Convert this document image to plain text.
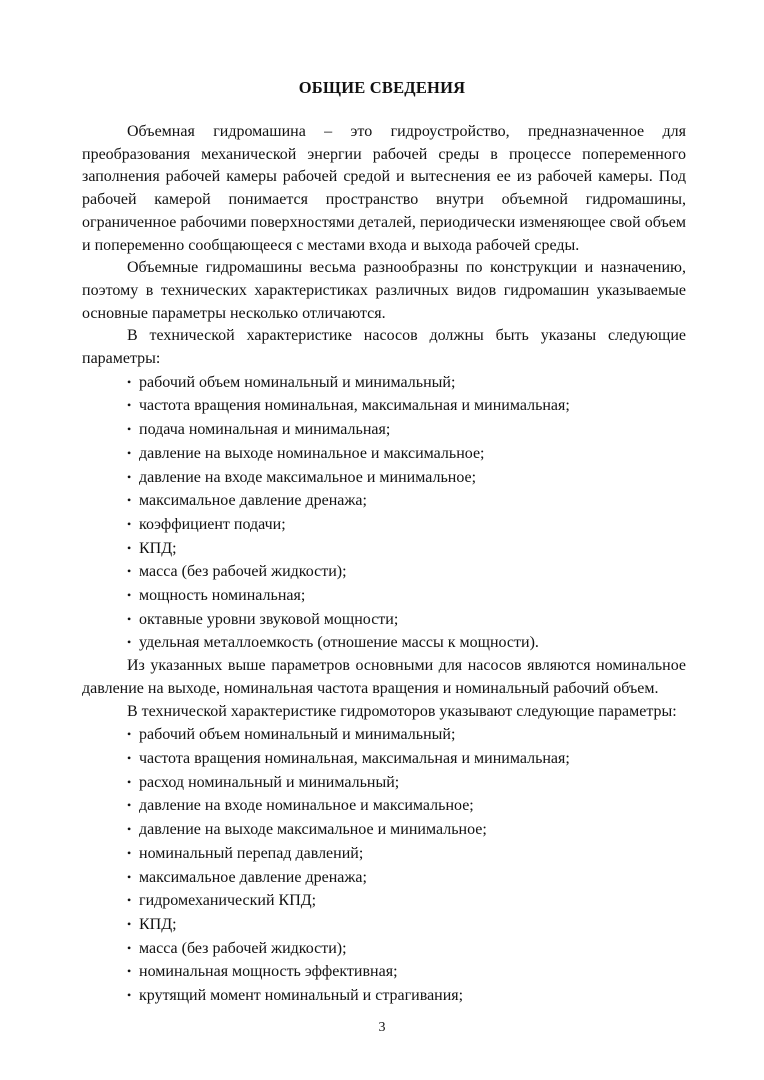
ОБЩИЕ СВЕДЕНИЯ

Объемная гидромашина – это гидроустройство, предназначенное для преобразования механической энергии рабочей среды в процессе попеременного заполнения рабочей камеры рабочей средой и вытеснения ее из рабочей камеры. Под рабочей камерой понимается пространство внутри объемной гидромашины, ограниченное рабочими поверхностями деталей, периодически изменяющее свой объем и попеременно сообщающееся с местами входа и выхода рабочей среды.

Объемные гидромашины весьма разнообразны по конструкции и назначению, поэтому в технических характеристиках различных видов гидромашин указываемые основные параметры несколько отличаются.

В технической характеристике насосов должны быть указаны следующие параметры:

• рабочий объем номинальный и минимальный;
• частота вращения номинальная, максимальная и минимальная;
• подача номинальная и минимальная;
• давление на выходе номинальное и максимальное;
• давление на входе максимальное и минимальное;
• максимальное давление дренажа;
• коэффициент подачи;
• КПД;
• масса (без рабочей жидкости);
• мощность номинальная;
• октавные уровни звуковой мощности;
• удельная металлоемкость (отношение массы к мощности).

Из указанных выше параметров основными для насосов являются номинальное давление на выходе, номинальная частота вращения и номинальный рабочий объем.

В технической характеристике гидромоторов указывают следующие параметры:

• рабочий объем номинальный и минимальный;
• частота вращения номинальная, максимальная и минимальная;
• расход номинальный и минимальный;
• давление на входе номинальное и максимальное;
• давление на выходе максимальное и минимальное;
• номинальный перепад давлений;
• максимальное давление дренажа;
• гидромеханический КПД;
• КПД;
• масса (без рабочей жидкости);
• номинальная мощность эффективная;
• крутящий момент номинальный и страгивания;
3
